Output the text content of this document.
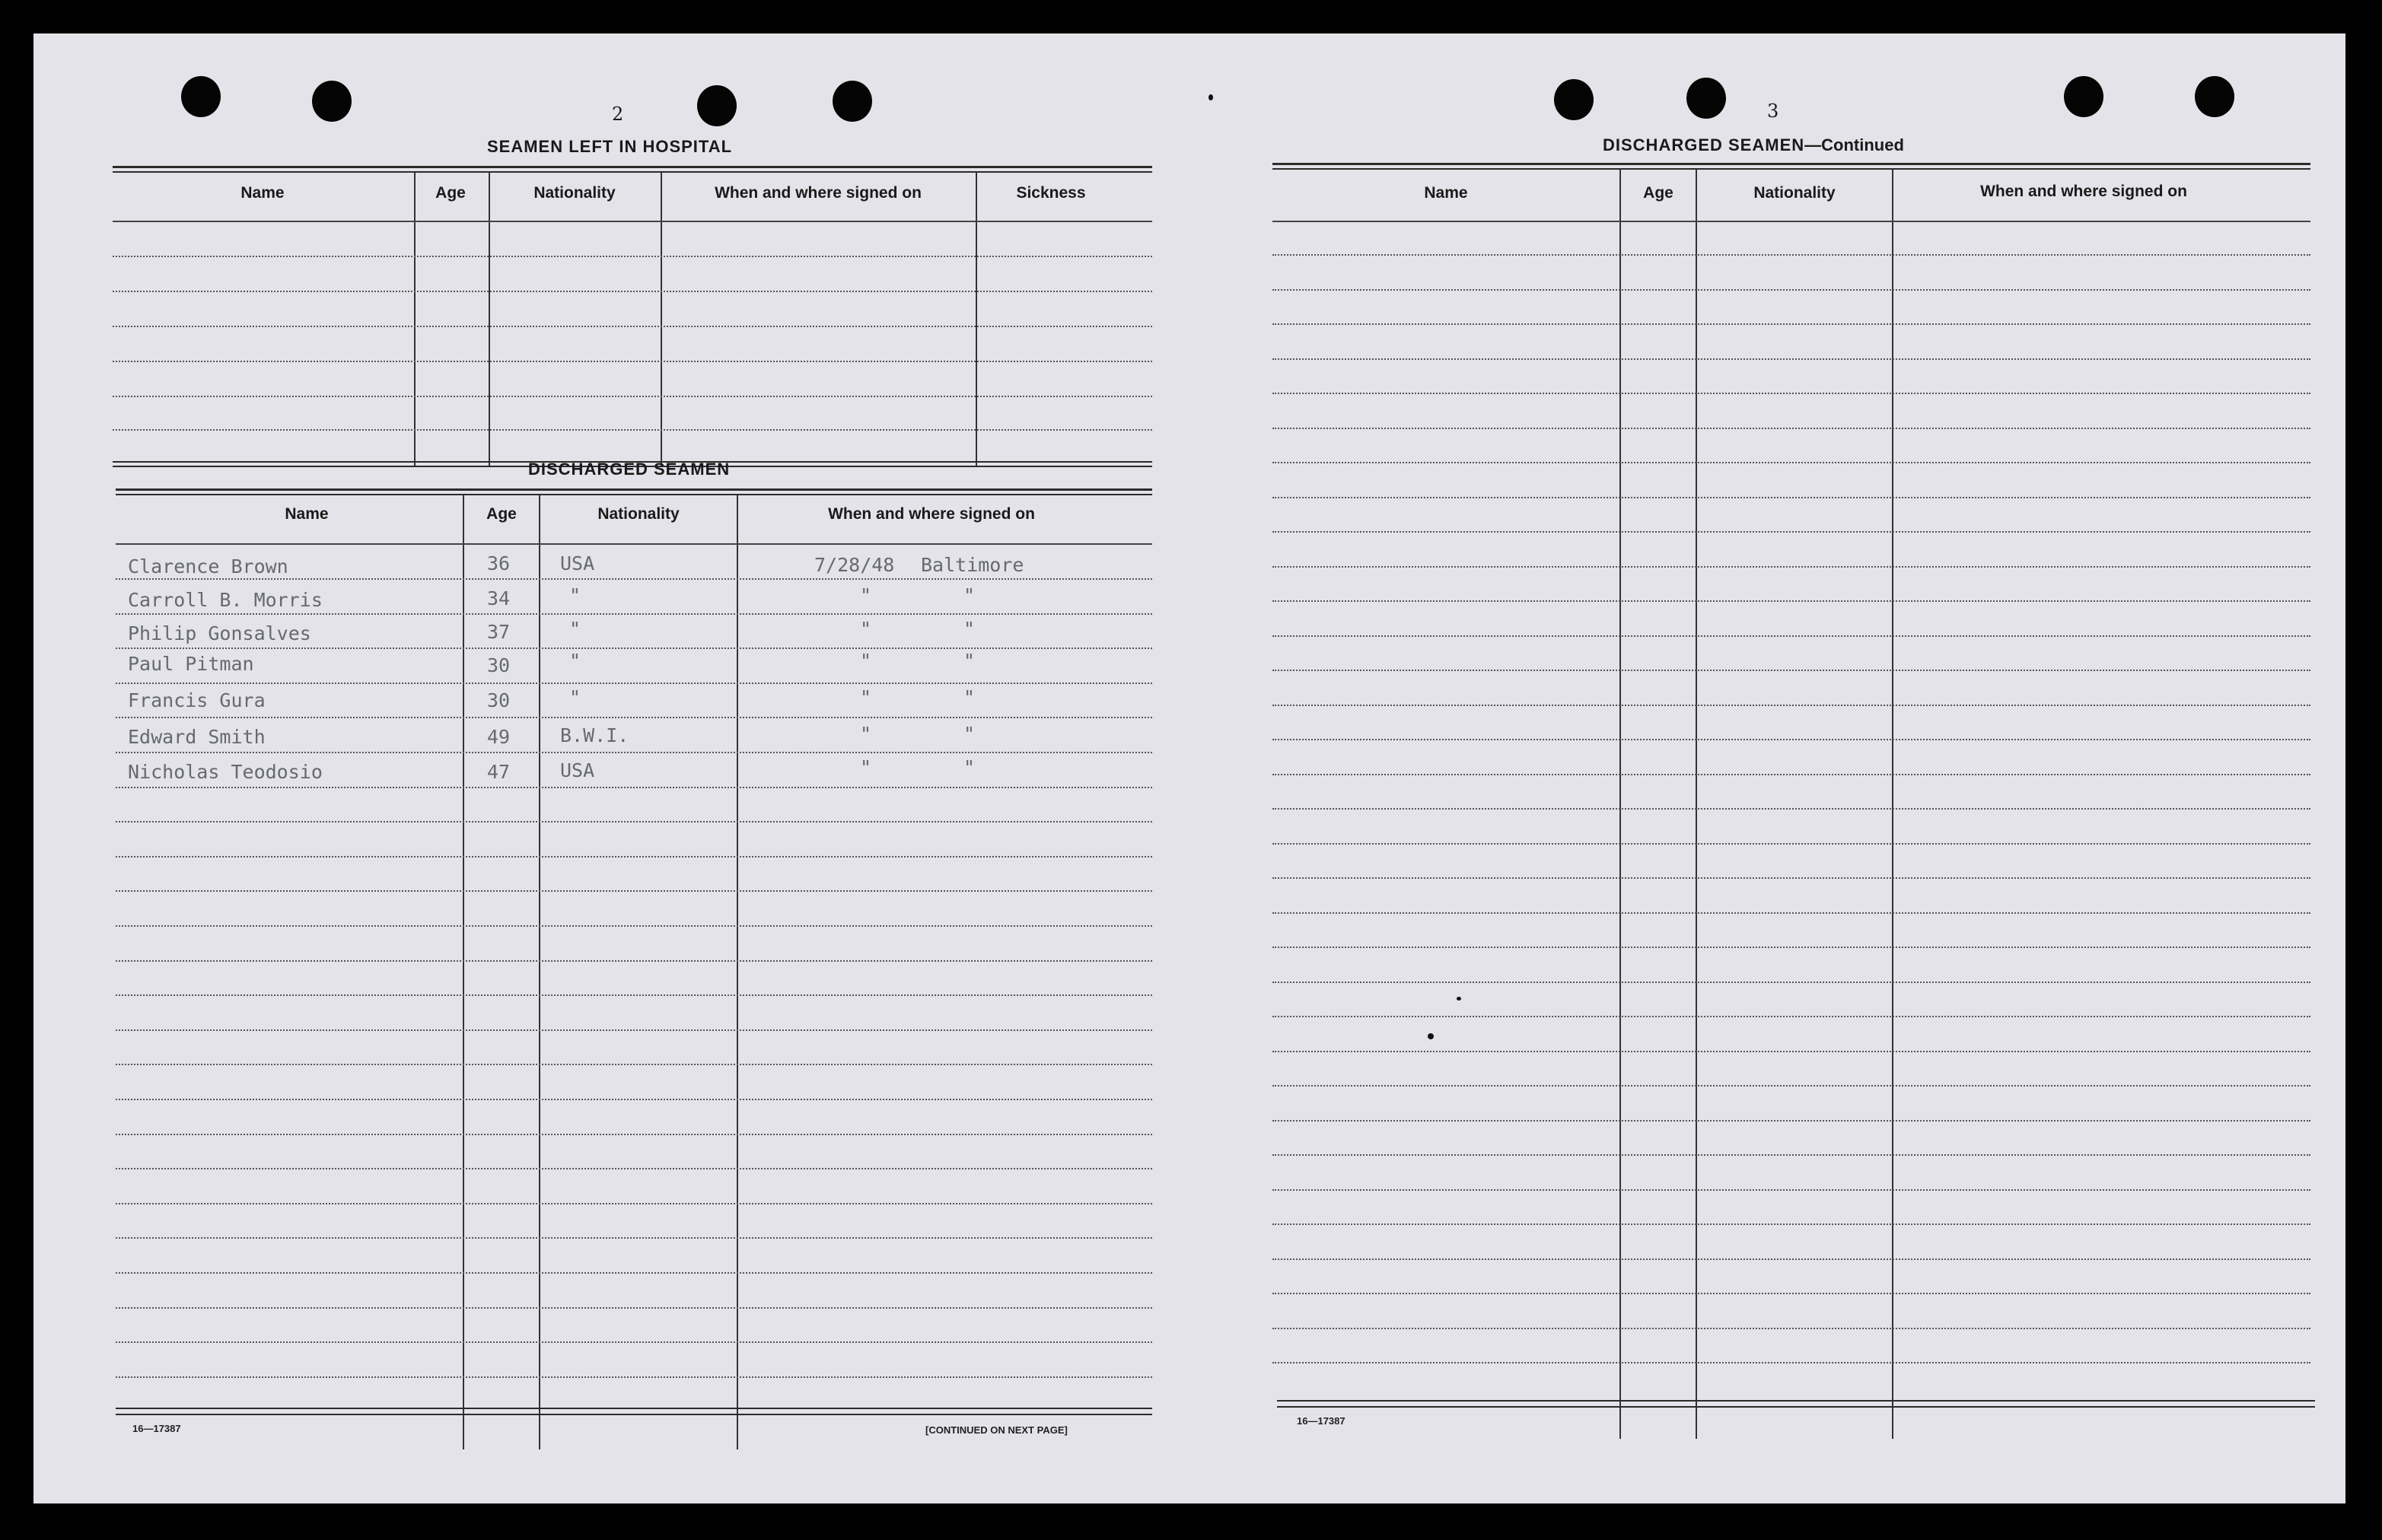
2
SEAMEN LEFT IN HOSPITAL
Name	Age	Nationality	When and where signed on	Sickness
DISCHARGED SEAMEN
Name	Age	Nationality	When and where signed on
Clarence Brown	36	USA	7/28/48 Baltimore
Carroll B. Morris	34	"	"	"
Philip Gonsalves	37	"	"	"
Paul Pitman	30	"	"	"
Francis Gura	30	"	"	"
Edward Smith	49	B.W.I.	"	"
Nicholas Teodosio	47	USA	"	"
16—17387	[CONTINUED ON NEXT PAGE]
3
DISCHARGED SEAMEN—Continued
Name	Age	Nationality	When and where signed on
16—17387
